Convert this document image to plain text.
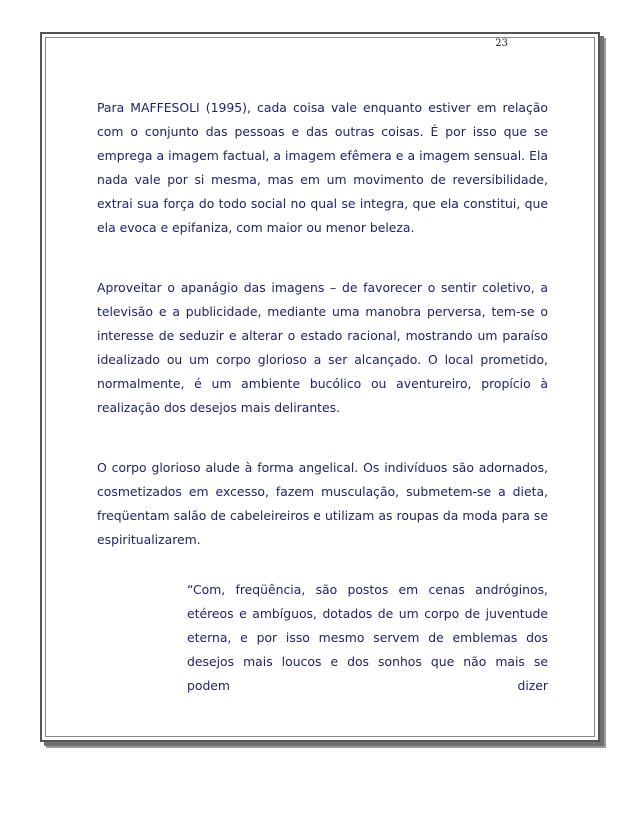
23

Para MAFFESOLI (1995), cada coisa vale enquanto estiver em relação com o conjunto das pessoas e das outras coisas. É por isso que se emprega a imagem factual, a imagem efêmera e a imagem sensual. Ela nada vale por si mesma, mas em um movimento de reversibilidade, extrai sua força do todo social no qual se integra, que ela constitui, que ela evoca e epifaniza, com maior ou menor beleza.

Aproveitar o apanágio das imagens – de favorecer o sentir coletivo, a televisão e a publicidade, mediante uma manobra perversa, tem-se o interesse de seduzir e alterar o estado racional, mostrando um paraíso idealizado ou um corpo glorioso a ser alcançado. O local prometido, normalmente, é um ambiente bucólico ou aventureiro, propício à realização dos desejos mais delirantes.

O corpo glorioso alude à forma angelical. Os indivíduos são adornados, cosmetizados em excesso, fazem musculação, submetem-se a dieta, freqüentam salão de cabeleireiros e utilizam as roupas da moda para se espiritualizarem.

“Com, freqüência, são postos em cenas andróginos, etéreos e ambíguos, dotados de um corpo de juventude eterna, e por isso mesmo servem de emblemas dos desejos mais loucos e dos sonhos que não mais se podem dizer
